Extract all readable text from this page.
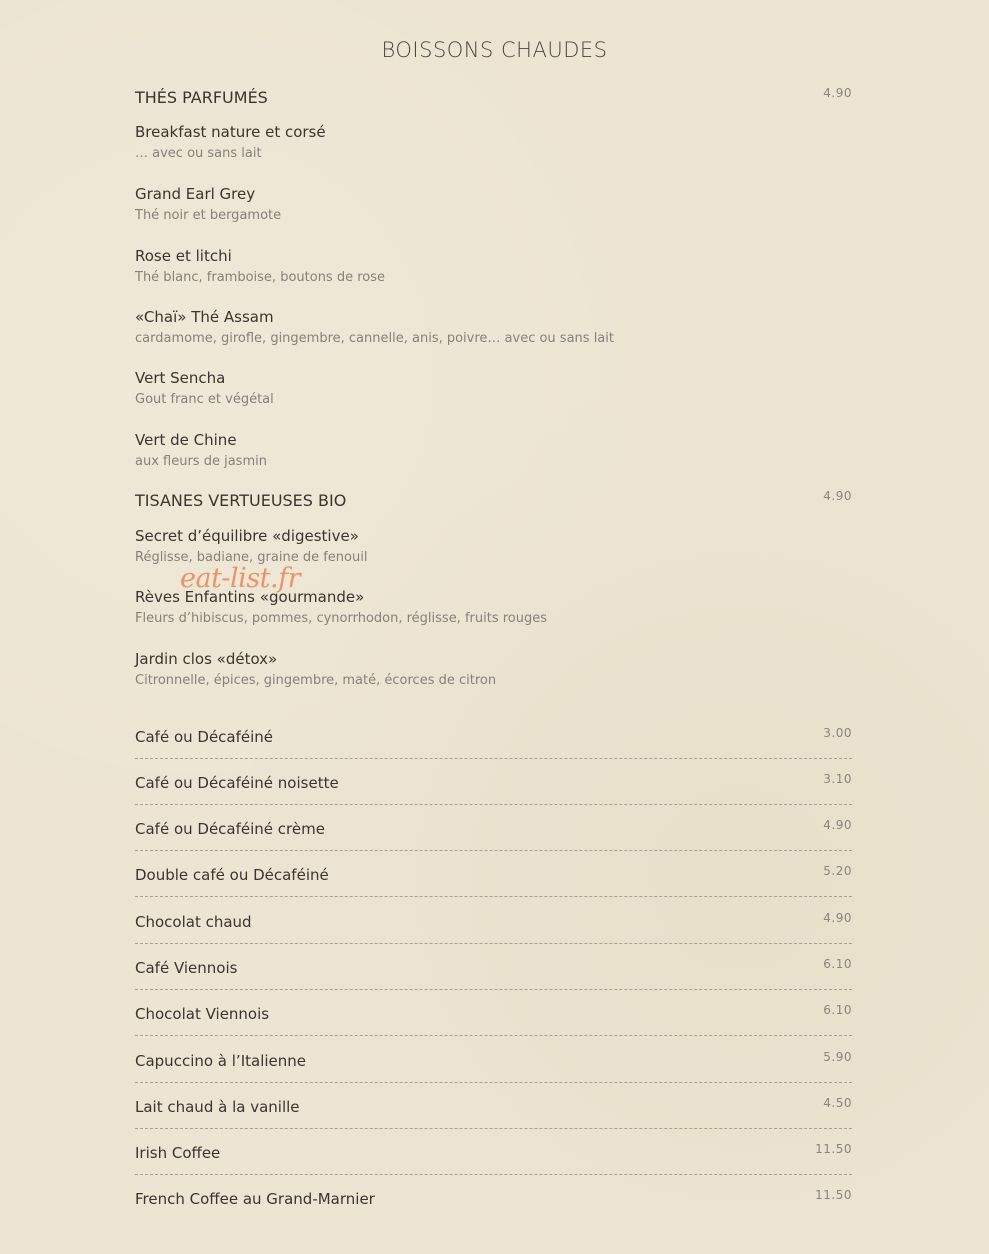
BOISSONS CHAUDES
THÉS PARFUMÉS	4.90
Breakfast nature et corsé
… avec ou sans lait
Grand Earl Grey
Thé noir et bergamote
Rose et litchi
Thé blanc, framboise, boutons de rose
«Chaï» Thé Assam
cardamome, girofle, gingembre, cannelle, anis, poivre… avec ou sans lait
Vert Sencha
Gout franc et végétal
Vert de Chine
aux fleurs de jasmin
TISANES VERTUEUSES BIO	4.90
Secret d’équilibre «digestive»
Réglisse, badiane, graine de fenouil
Rèves Enfantins «gourmande»
Fleurs d’hibiscus, pommes, cynorrhodon, réglisse, fruits rouges
Jardin clos «détox»
Citronnelle, épices, gingembre, maté, écorces de citron
Café ou Décaféiné	3.00
Café ou Décaféiné noisette	3.10
Café ou Décaféiné crème	4.90
Double café ou Décaféiné	5.20
Chocolat chaud	4.90
Café Viennois	6.10
Chocolat Viennois	6.10
Capuccino à l’Italienne	5.90
Lait chaud à la vanille	4.50
Irish Coffee	11.50
French Coffee au Grand-Marnier	11.50
eat-list.fr
